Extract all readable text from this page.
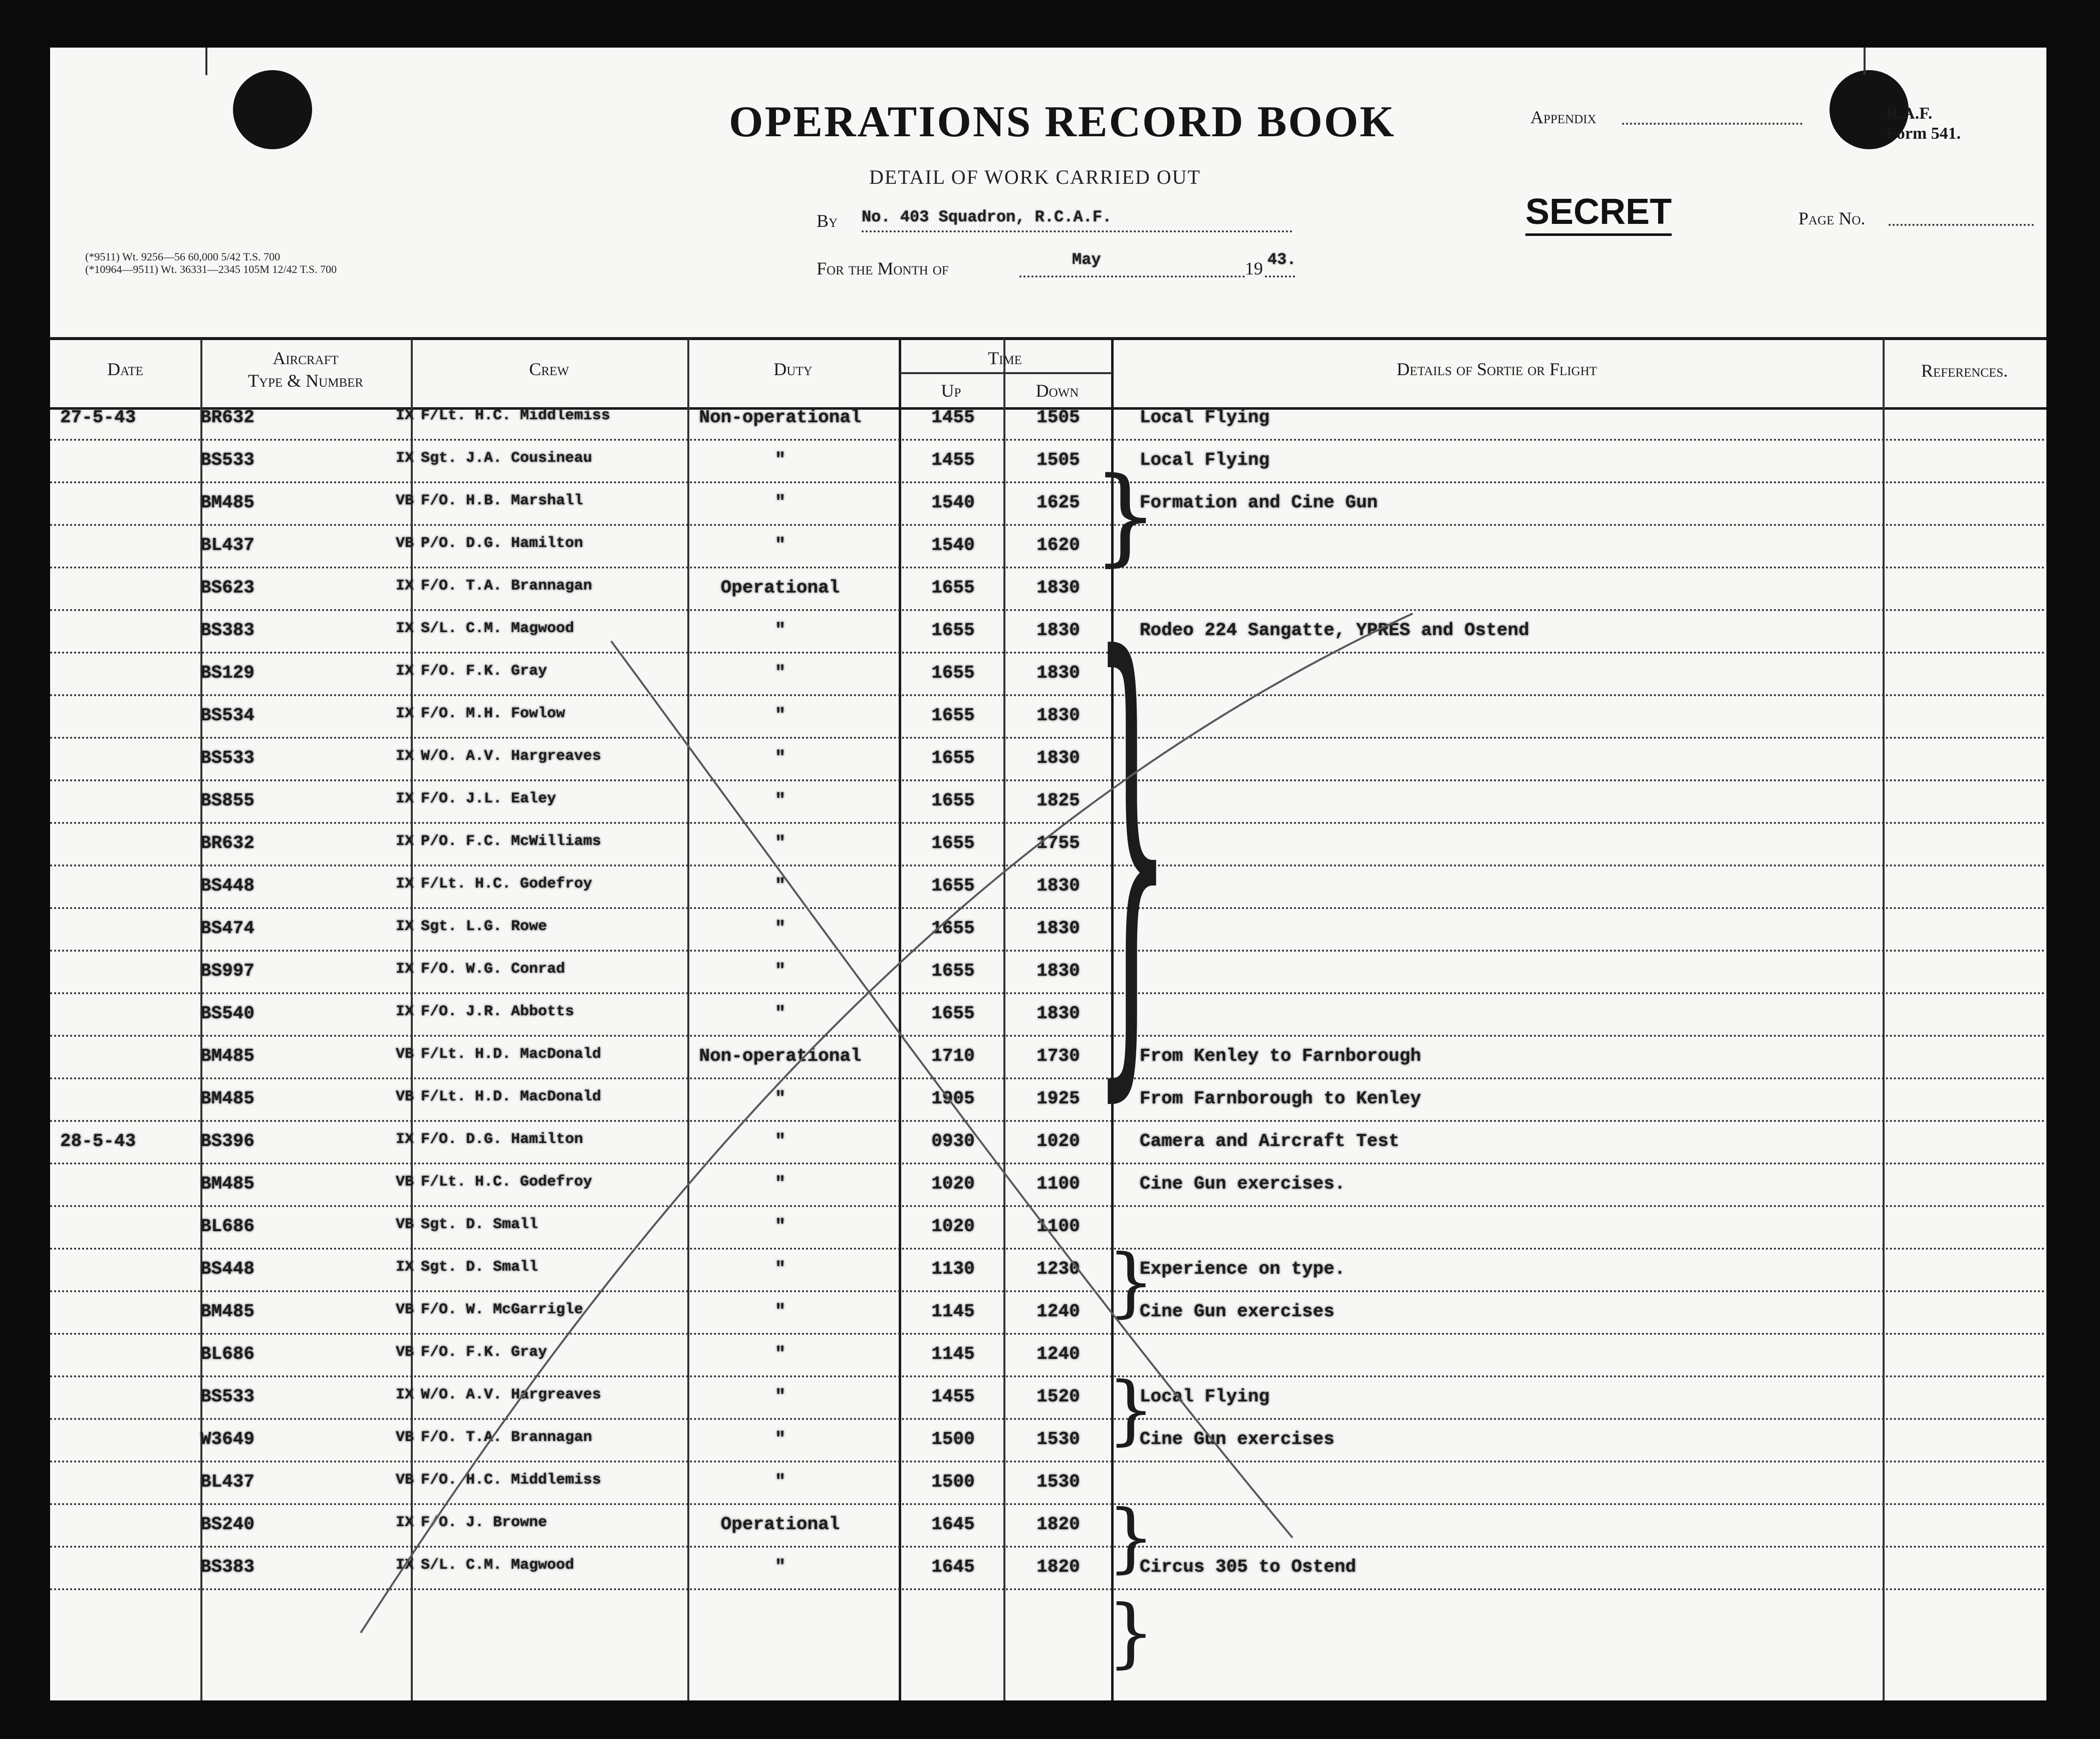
(*9511) Wt. 9256—56 60,000 5/42 T.S. 700
(*10964—9511) Wt. 36331—2345 105M 12/42 T.S. 700
OPERATIONS RECORD BOOK
DETAIL OF WORK CARRIED OUT
Appendix	R.A.F.
Form 541.
By No. 403 Squadron, R.C.A.F.
For the Month of	May	19 43.
SECRET	Page No.
Date
Aircraft
Type & Number
Crew	Duty
Time
Up	Down
Details of Sortie or Flight	References.
27-5-43	BR632	IX F/Lt. H.C. Middlemiss	Non-operational	1455	1505	Local Flying
BS533	IX Sgt. J.A. Cousineau	"	1455	1505	Local Flying
BM485	VB F/O. H.B. Marshall	"	1540	1625	Formation and Cine Gun
BL437	VB P/O. D.G. Hamilton	"	1540	1620
BS623	IX F/O. T.A. Brannagan	Operational	1655	1830
BS383	IX S/L. C.M. Magwood	"	1655	1830	Rodeo 224 Sangatte, YPRES and Ostend
BS129	IX F/O. F.K. Gray	"	1655	1830
BS534	IX F/O. M.H. Fowlow	"	1655	1830
BS533	IX W/O. A.V. Hargreaves	"	1655	1830
BS855	IX F/O. J.L. Ealey	"	1655	1825
BR632	IX P/O. F.C. McWilliams	"	1655	1755
BS448	IX F/Lt. H.C. Godefroy	"	1655	1830
BS474	IX Sgt. L.G. Rowe	"	1655	1830
BS997	IX F/O. W.G. Conrad	"	1655	1830
BS540	IX F/O. J.R. Abbotts	"	1655	1830
BM485	VB F/Lt. H.D. MacDonald	Non-operational	1710	1730	From Kenley to Farnborough
BM485	VB F/Lt. H.D. MacDonald	"	1905	1925	From Farnborough to Kenley
28-5-43	BS396	IX F/O. D.G. Hamilton	"	0930	1020	Camera and Aircraft Test
BM485	VB F/Lt. H.C. Godefroy	"	1020	1100	Cine Gun exercises.
BL686	VB Sgt. D. Small	"	1020	1100
BS448	IX Sgt. D. Small	"	1130	1230	Experience on type.
BM485	VB F/O. W. McGarrigle	"	1145	1240	Cine Gun exercises
BL686	VB F/O. F.K. Gray	"	1145	1240
BS533	IX W/O. A.V. Hargreaves	"	1455	1520	Local Flying
W3649	VB F/O. T.A. Brannagan	"	1500	1530	Cine Gun exercises
BL437	VB F/O. H.C. Middlemiss	"	1500	1530
BS240	IX F/O. J. Browne	Operational	1645	1820
BS383	IX S/L. C.M. Magwood	"	1645	1820	Circus 305 to Ostend
}
}
}
}
}
}
